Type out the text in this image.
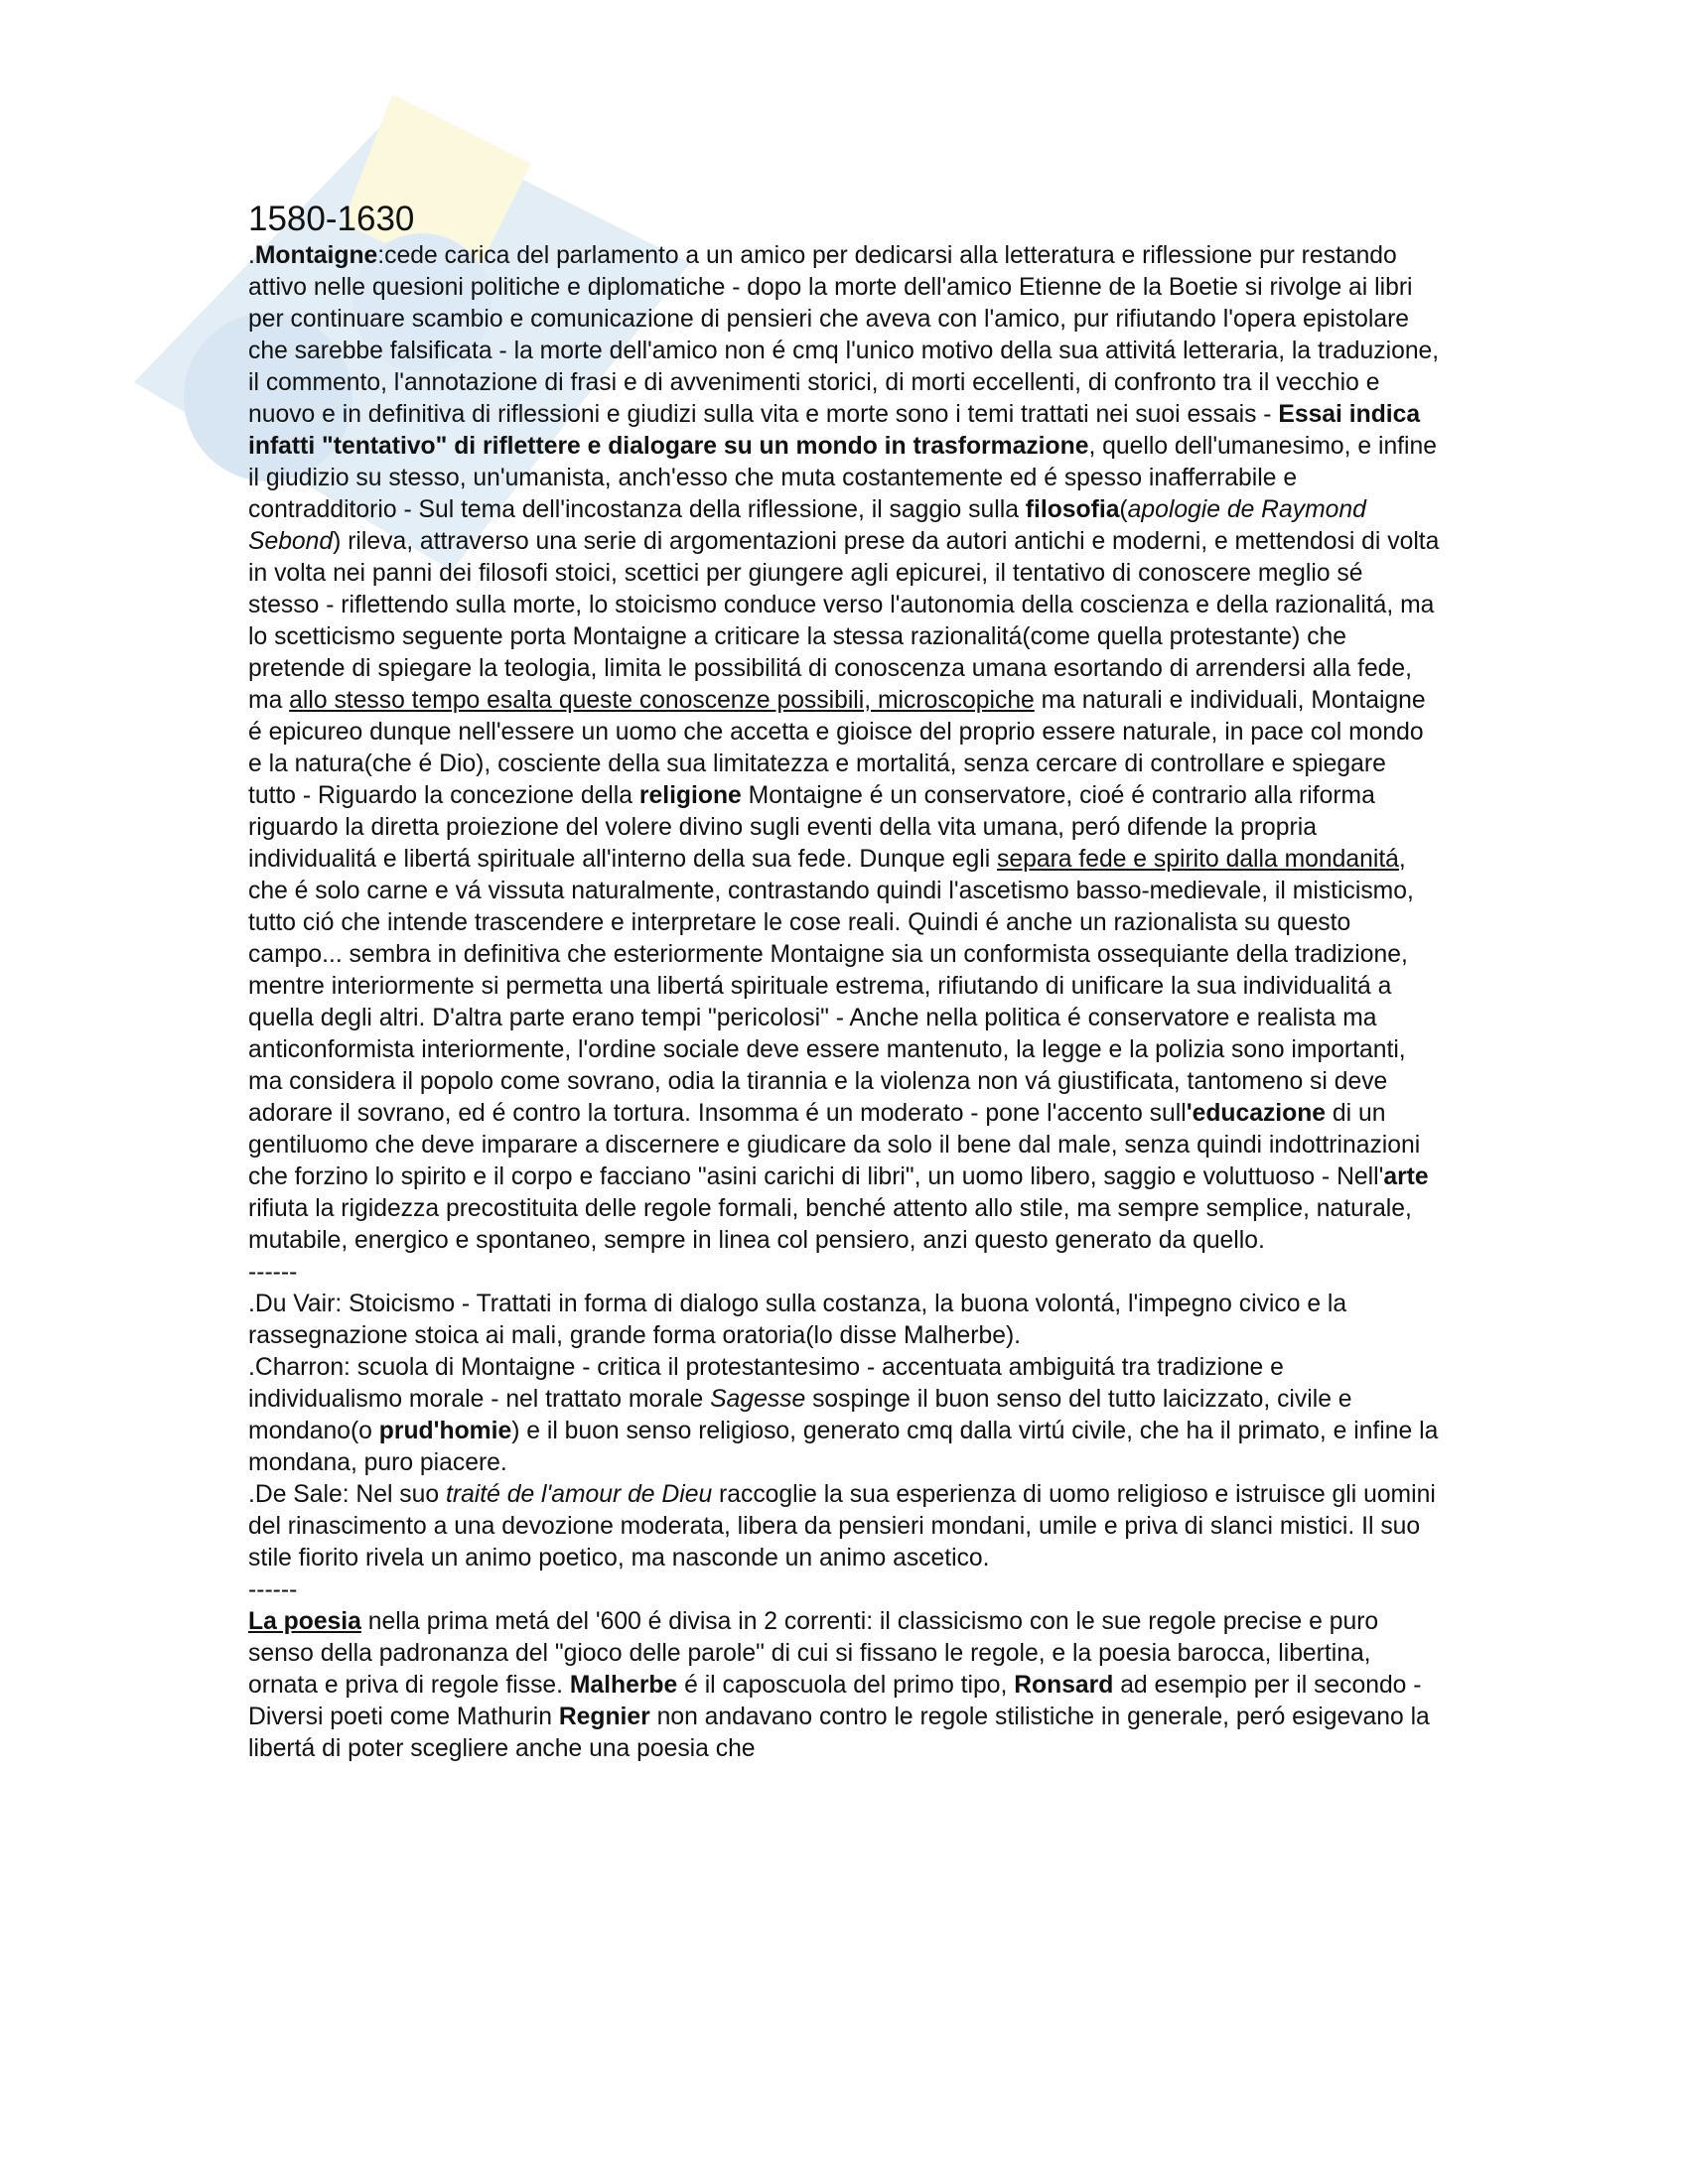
1580-1630

.Montaigne:cede carica del parlamento a un amico per dedicarsi alla letteratura e riflessione pur restando attivo nelle quesioni politiche e diplomatiche - dopo la morte dell'amico Etienne de la Boetie si rivolge ai libri per continuare scambio e comunicazione di pensieri che aveva con l'amico, pur rifiutando l'opera epistolare che sarebbe falsificata - la morte dell'amico non é cmq l'unico motivo della sua attivitá letteraria, la traduzione, il commento, l'annotazione di frasi e di avvenimenti storici, di morti eccellenti, di confronto tra il vecchio e nuovo e in definitiva di riflessioni e giudizi sulla vita e morte sono i temi trattati nei suoi essais - Essai indica infatti "tentativo" di riflettere e dialogare su un mondo in trasformazione, quello dell'umanesimo, e infine il giudizio su stesso, un'umanista, anch'esso che muta costantemente ed é spesso inafferrabile e contradditorio - Sul tema dell'incostanza della riflessione, il saggio sulla filosofia(apologie de Raymond Sebond) rileva, attraverso una serie di argomentazioni prese da autori antichi e moderni, e mettendosi di volta in volta nei panni dei filosofi stoici, scettici per giungere agli epicurei, il tentativo di conoscere meglio sé stesso - riflettendo sulla morte, lo stoicismo conduce verso l'autonomia della coscienza e della razionalitá, ma lo scetticismo seguente porta Montaigne a criticare la stessa razionalitá(come quella protestante) che pretende di spiegare la teologia, limita le possibilitá di conoscenza umana esortando di arrendersi alla fede, ma allo stesso tempo esalta queste conoscenze possibili, microscopiche ma naturali e individuali, Montaigne é epicureo dunque nell'essere un uomo che accetta e gioisce del proprio essere naturale, in pace col mondo e la natura(che é Dio), cosciente della sua limitatezza e mortalitá, senza cercare di controllare e spiegare tutto - Riguardo la concezione della religione Montaigne é un conservatore, cioé é contrario alla riforma riguardo la diretta proiezione del volere divino sugli eventi della vita umana, peró difende la propria individualitá e libertá spirituale all'interno della sua fede. Dunque egli separa fede e spirito dalla mondanitá, che é solo carne e vá vissuta naturalmente, contrastando quindi l'ascetismo basso-medievale, il misticismo, tutto ció che intende trascendere e interpretare le cose reali. Quindi é anche un razionalista su questo campo... sembra in definitiva che esteriormente Montaigne sia un conformista ossequiante della tradizione, mentre interiormente si permetta una libertá spirituale estrema, rifiutando di unificare la sua individualitá a quella degli altri. D'altra parte erano tempi "pericolosi" - Anche nella politica é conservatore e realista ma anticonformista interiormente, l'ordine sociale deve essere mantenuto, la legge e la polizia sono importanti, ma considera il popolo come sovrano, odia la tirannia e la violenza non vá giustificata, tantomeno si deve adorare il sovrano, ed é contro la tortura. Insomma é un moderato - pone l'accento sull'educazione di un gentiluomo che deve imparare a discernere e giudicare da solo il bene dal male, senza quindi indottrinazioni che forzino lo spirito e il corpo e facciano "asini carichi di libri", un uomo libero, saggio e voluttuoso - Nell'arte rifiuta la rigidezza precostituita delle regole formali, benché attento allo stile, ma sempre semplice, naturale, mutabile, energico e spontaneo, sempre in linea col pensiero, anzi questo generato da quello.

------

.Du Vair: Stoicismo - Trattati in forma di dialogo sulla costanza, la buona volontá, l'impegno civico e la rassegnazione stoica ai mali, grande forma oratoria(lo disse Malherbe).

.Charron: scuola di Montaigne - critica il protestantesimo - accentuata ambiguitá tra tradizione e individualismo morale - nel trattato morale Sagesse sospinge il buon senso del tutto laicizzato, civile e mondano(o prud'homie) e il buon senso religioso, generato cmq dalla virtú civile, che ha il primato, e infine la mondana, puro piacere.

.De Sale: Nel suo traité de l'amour de Dieu raccoglie la sua esperienza di uomo religioso e istruisce gli uomini del rinascimento a una devozione moderata, libera da pensieri mondani, umile e priva di slanci mistici. Il suo stile fiorito rivela un animo poetico, ma nasconde un animo ascetico.

------

La poesia nella prima metá del '600 é divisa in 2 correnti: il classicismo con le sue regole precise e puro senso della padronanza del "gioco delle parole" di cui si fissano le regole, e la poesia barocca, libertina, ornata e priva di regole fisse. Malherbe é il caposcuola del primo tipo, Ronsard ad esempio per il secondo - Diversi poeti come Mathurin Regnier non andavano contro le regole stilistiche in generale, peró esigevano la libertá di poter scegliere anche una poesia che
